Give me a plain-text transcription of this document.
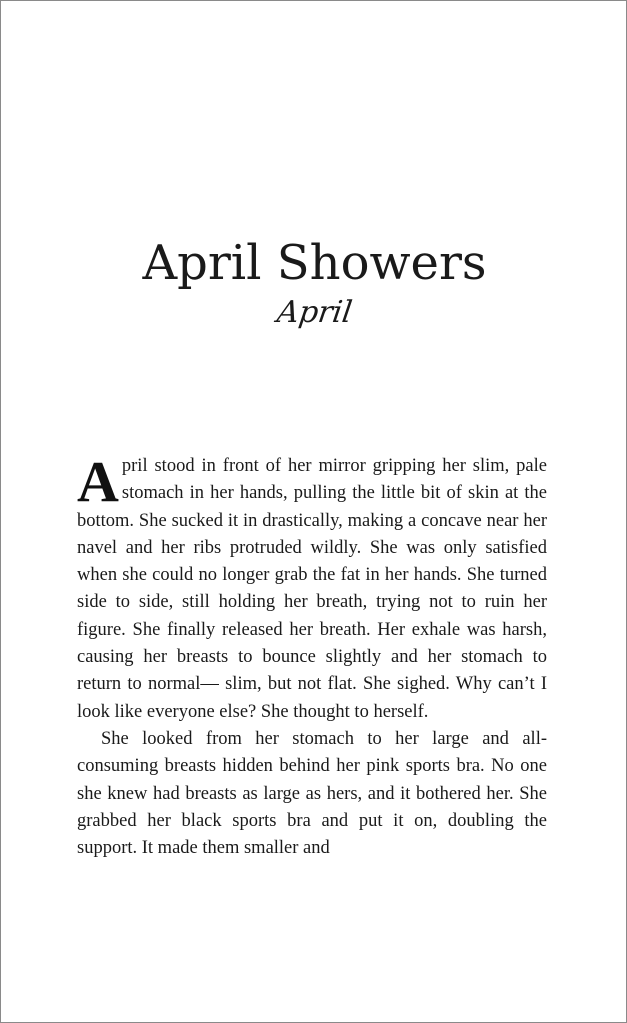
April Showers
April

April stood in front of her mirror gripping her slim, pale stomach in her hands, pulling the little bit of skin at the bottom. She sucked it in drastically, making a concave near her navel and her ribs protruded wildly. She was only satisfied when she could no longer grab the fat in her hands. She turned side to side, still holding her breath, trying not to ruin her figure. She finally released her breath. Her exhale was harsh, causing her breasts to bounce slightly and her stomach to return to normal— slim, but not flat. She sighed. Why can’t I look like everyone else? She thought to herself.

She looked from her stomach to her large and all-consuming breasts hidden behind her pink sports bra. No one she knew had breasts as large as hers, and it bothered her. She grabbed her black sports bra and put it on, doubling the support. It made them smaller and
